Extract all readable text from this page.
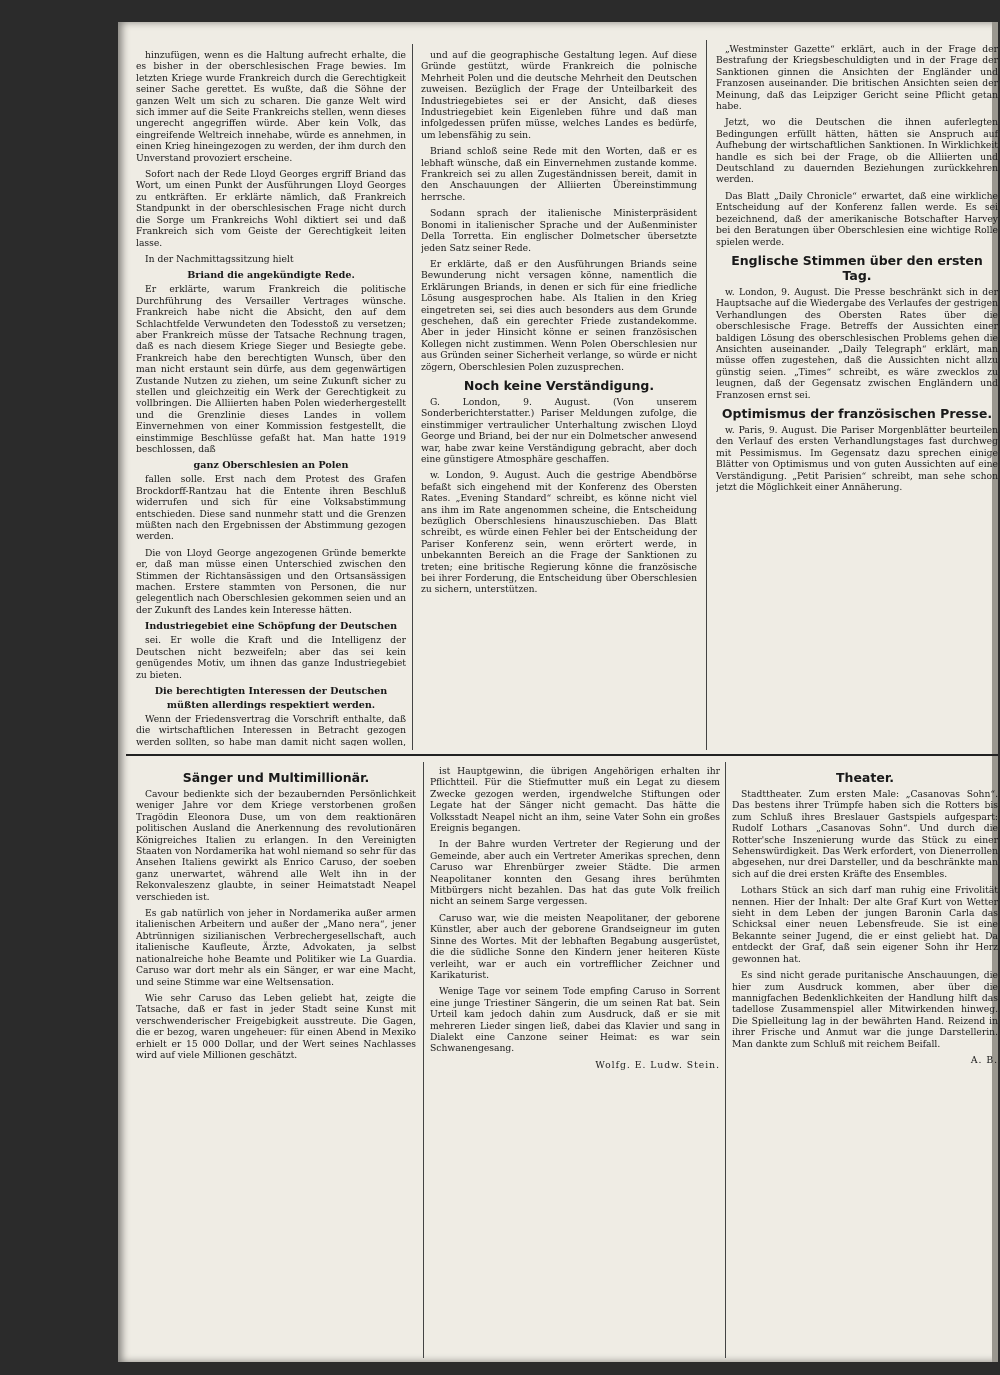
hinzufügen, wenn es die Haltung aufrecht erhalte, die es bisher in der oberschlesischen Frage bewies. Im letzten Kriege wurde Frankreich durch die Gerechtigkeit seiner Sache gerettet. Es wußte, daß die Söhne der ganzen Welt um sich zu scharen. Die ganze Welt wird sich immer auf die Seite Frankreichs stellen, wenn dieses ungerecht angegriffen würde. Aber kein Volk, das eingreifende Weltreich innehabe, würde es annehmen, in einen Krieg hineingezogen zu werden, der ihm durch den Unverstand provoziert erscheine.

Sofort nach der Rede Lloyd Georges ergriff Briand das Wort, um einen Punkt der Ausführungen Lloyd Georges zu entkräften. Er erklärte nämlich, daß Frankreich Standpunkt in der oberschlesischen Frage nicht durch die Sorge um Frankreichs Wohl diktiert sei und daß Frankreich sich vom Geiste der Gerechtigkeit leiten lasse.

In der Nachmittagssitzung hielt

Briand die angekündigte Rede.

Er erklärte, warum Frankreich die politische Durchführung des Versailler Vertrages wünsche. Frankreich habe nicht die Absicht, den auf dem Schlachtfelde Verwundeten den Todesstoß zu versetzen; aber Frankreich müsse der Tatsache Rechnung tragen, daß es nach diesem Kriege Sieger und Besiegte gebe. Frankreich habe den berechtigten Wunsch, über den man nicht erstaunt sein dürfe, aus dem gegenwärtigen Zustande Nutzen zu ziehen, um seine Zukunft sicher zu stellen und gleichzeitig ein Werk der Gerechtigkeit zu vollbringen. Die Alliierten haben Polen wiederhergestellt und die Grenzlinie dieses Landes in vollem Einvernehmen von einer Kommission festgestellt, die einstimmige Beschlüsse gefaßt hat. Man hatte 1919 beschlossen, daß

ganz Oberschlesien an Polen

fallen solle. Erst nach dem Protest des Grafen Brockdorff-Rantzau hat die Entente ihren Beschluß widerrufen und sich für eine Volksabstimmung entschieden. Diese sand nunmehr statt und die Grenzen müßten nach den Ergebnissen der Abstimmung gezogen werden.

Die von Lloyd George angezogenen Gründe bemerkte er, daß man müsse einen Unterschied zwischen den Stimmen der Richtansässigen und den Ortsansässigen machen. Erstere stammten von Personen, die nur gelegentlich nach Oberschlesien gekommen seien und an der Zukunft des Landes kein Interesse hätten.

Industriegebiet eine Schöpfung der Deutschen

sei. Er wolle die Kraft und die Intelligenz der Deutschen nicht bezweifeln; aber das sei kein genügendes Motiv, um ihnen das ganze Industriegebiet zu bieten.

Die berechtigten Interessen der Deutschen
müßten allerdings respektiert werden.

Wenn der Friedensvertrag die Vorschrift enthalte, daß die wirtschaftlichen Interessen in Betracht gezogen werden sollten, so habe man damit nicht sagen wollen,

und auf die geographische Gestaltung legen. Auf diese Gründe gestützt, würde Frankreich die polnische Mehrheit Polen und die deutsche Mehrheit den Deutschen zuweisen. Bezüglich der Frage der Unteilbarkeit des Industriegebietes sei er der Ansicht, daß dieses Industriegebiet kein Eigenleben führe und daß man infolgedessen prüfen müsse, welches Landes es bedürfe, um lebensfähig zu sein.

Briand schloß seine Rede mit den Worten, daß er es lebhaft wünsche, daß ein Einvernehmen zustande komme. Frankreich sei zu allen Zugeständnissen bereit, damit in den Anschauungen der Alliierten Übereinstimmung herrsche.

Sodann sprach der italienische Ministerpräsident Bonomi in italienischer Sprache und der Außenminister Della Torretta. Ein englischer Dolmetscher übersetzte jeden Satz seiner Rede.

Er erklärte, daß er den Ausführungen Briands seine Bewunderung nicht versagen könne, namentlich die Erklärungen Briands, in denen er sich für eine friedliche Lösung ausgesprochen habe. Als Italien in den Krieg eingetreten sei, sei dies auch besonders aus dem Grunde geschehen, daß ein gerechter Friede zustandekomme. Aber in jeder Hinsicht könne er seinen französischen Kollegen nicht zustimmen. Wenn Polen Oberschlesien nur aus Gründen seiner Sicherheit verlange, so würde er nicht zögern, Oberschlesien Polen zuzusprechen.

Noch keine Verständigung.

G. London, 9. August. (Von unserem Sonderberichterstatter.) Pariser Meldungen zufolge, die einstimmiger vertraulicher Unterhaltung zwischen Lloyd George und Briand, bei der nur ein Dolmetscher anwesend war, habe zwar keine Verständigung gebracht, aber doch eine günstigere Atmosphäre geschaffen.

w. London, 9. August. Auch die gestrige Abendbörse befaßt sich eingehend mit der Konferenz des Obersten Rates. „Evening Standard“ schreibt, es könne nicht viel ans ihm im Rate angenommen scheine, die Entscheidung bezüglich Oberschlesiens hinauszuschieben. Das Blatt schreibt, es würde einen Fehler bei der Entscheidung der Pariser Konferenz sein, wenn erörtert werde, in unbekannten Bereich an die Frage der Sanktionen zu treten; eine britische Regierung könne die französische bei ihrer Forderung, die Entscheidung über Oberschlesien zu sichern, unterstützen.

„Westminster Gazette“ erklärt, auch in der Frage der Bestrafung der Kriegsbeschuldigten und in der Frage der Sanktionen ginnen die Ansichten der Engländer und Franzosen auseinander. Die britischen Ansichten seien der Meinung, daß das Leipziger Gericht seine Pflicht getan habe.

Jetzt, wo die Deutschen die ihnen auferlegten Bedingungen erfüllt hätten, hätten sie Anspruch auf Aufhebung der wirtschaftlichen Sanktionen. In Wirklichkeit handle es sich bei der Frage, ob die Alliierten und Deutschland zu dauernden Beziehungen zurückkehren werden.

Das Blatt „Daily Chronicle“ erwartet, daß eine wirkliche Entscheidung auf der Konferenz fallen werde. Es sei bezeichnend, daß der amerikanische Botschafter Harvey bei den Beratungen über Oberschlesien eine wichtige Rolle spielen werde.

Englische Stimmen über den ersten Tag.

w. London, 9. August. Die Presse beschränkt sich in der Hauptsache auf die Wiedergabe des Verlaufes der gestrigen Verhandlungen des Obersten Rates über die oberschlesische Frage. Betreffs der Aussichten einer baldigen Lösung des oberschlesischen Problems gehen die Ansichten auseinander. „Daily Telegraph“ erklärt, man müsse offen zugestehen, daß die Aussichten nicht allzu günstig seien. „Times“ schreibt, es wäre zwecklos zu leugnen, daß der Gegensatz zwischen Engländern und Franzosen ernst sei.

Optimismus der französischen Presse.

w. Paris, 9. August. Die Pariser Morgenblätter beurteilen den Verlauf des ersten Verhandlungstages fast durchweg mit Pessimismus. Im Gegensatz dazu sprechen einige Blätter von Optimismus und von guten Aussichten auf eine Verständigung. „Petit Parisien“ schreibt, man sehe schon jetzt die Möglichkeit einer Annäherung.

Sänger und Multimillionär.

Cavour bedienkte sich der bezaubernden Persönlichkeit weniger Jahre vor dem Kriege verstorbenen großen Tragödin Eleonora Duse, um von dem reaktionären politischen Ausland die Anerkennung des revolutionären Königreiches Italien zu erlangen. In den Vereinigten Staaten von Nordamerika hat wohl niemand so sehr für das Ansehen Italiens gewirkt als Enrico Caruso, der soeben ganz unerwartet, während alle Welt ihn in der Rekonvaleszenz glaubte, in seiner Heimatstadt Neapel verschieden ist.

Es gab natürlich von jeher in Nordamerika außer armen italienischen Arbeitern und außer der „Mano nera“, jener Abtrünnigen sizilianischen Verbrechergesellschaft, auch italienische Kaufleute, Ärzte, Advokaten, ja selbst nationalreiche hohe Beamte und Politiker wie La Guardia. Caruso war dort mehr als ein Sänger, er war eine Macht, und seine Stimme war eine Weltsensation.

Wie sehr Caruso das Leben geliebt hat, zeigte die Tatsache, daß er fast in jeder Stadt seine Kunst mit verschwenderischer Freigebigkeit ausstreute. Die Gagen, die er bezog, waren ungeheuer: für einen Abend in Mexiko erhielt er 15 000 Dollar, und der Wert seines Nachlasses wird auf viele Millionen geschätzt.

ist Hauptgewinn, die übrigen Angehörigen erhalten ihr Pflichtteil. Für die Stiefmutter muß ein Legat zu diesem Zwecke gezogen werden, irgendwelche Stiftungen oder Legate hat der Sänger nicht gemacht. Das hätte die Volksstadt Neapel nicht an ihm, seine Vater Sohn ein großes Ereignis begangen.

In der Bahre wurden Vertreter der Regierung und der Gemeinde, aber auch ein Vertreter Amerikas sprechen, denn Caruso war Ehrenbürger zweier Städte. Die armen Neapolitaner konnten den Gesang ihres berühmten Mitbürgers nicht bezahlen. Das hat das gute Volk freilich nicht an seinem Sarge vergessen.

Caruso war, wie die meisten Neapolitaner, der geborene Künstler, aber auch der geborene Grandseigneur im guten Sinne des Wortes. Mit der lebhaften Begabung ausgerüstet, die die südliche Sonne den Kindern jener heiteren Küste verleiht, war er auch ein vortrefflicher Zeichner und Karikaturist.

Wenige Tage vor seinem Tode empfing Caruso in Sorrent eine junge Triestiner Sängerin, die um seinen Rat bat. Sein Urteil kam jedoch dahin zum Ausdruck, daß er sie mit mehreren Lieder singen ließ, dabei das Klavier und sang in Dialekt eine Canzone seiner Heimat: es war sein Schwanengesang.

Wolfg. E. Ludw. Stein.

Theater.

Stadttheater. Zum ersten Male: „Casanovas Sohn“. Das bestens ihrer Trümpfe haben sich die Rotters bis zum Schluß ihres Breslauer Gastspiels aufgespart: Rudolf Lothars „Casanovas Sohn“. Und durch die Rotter'sche Inszenierung wurde das Stück zu einer Sehenswürdigkeit. Das Werk erfordert, von Dienerrollen abgesehen, nur drei Darsteller, und da beschränkte man sich auf die drei ersten Kräfte des Ensembles.

Lothars Stück an sich darf man ruhig eine Frivolität nennen. Hier der Inhalt: Der alte Graf Kurt von Wetter sieht in dem Leben der jungen Baronin Carla das Schicksal einer neuen Lebensfreude. Sie ist eine Bekannte seiner Jugend, die er einst geliebt hat. Da entdeckt der Graf, daß sein eigener Sohn ihr Herz gewonnen hat.

Es sind nicht gerade puritanische Anschauungen, die hier zum Ausdruck kommen, aber über die mannigfachen Bedenklichkeiten der Handlung hilft das tadellose Zusammenspiel aller Mitwirkenden hinweg. Die Spielleitung lag in der bewährten Hand. Reizend in ihrer Frische und Anmut war die junge Darstellerin. Man dankte zum Schluß mit reichem Beifall.

A. B.
